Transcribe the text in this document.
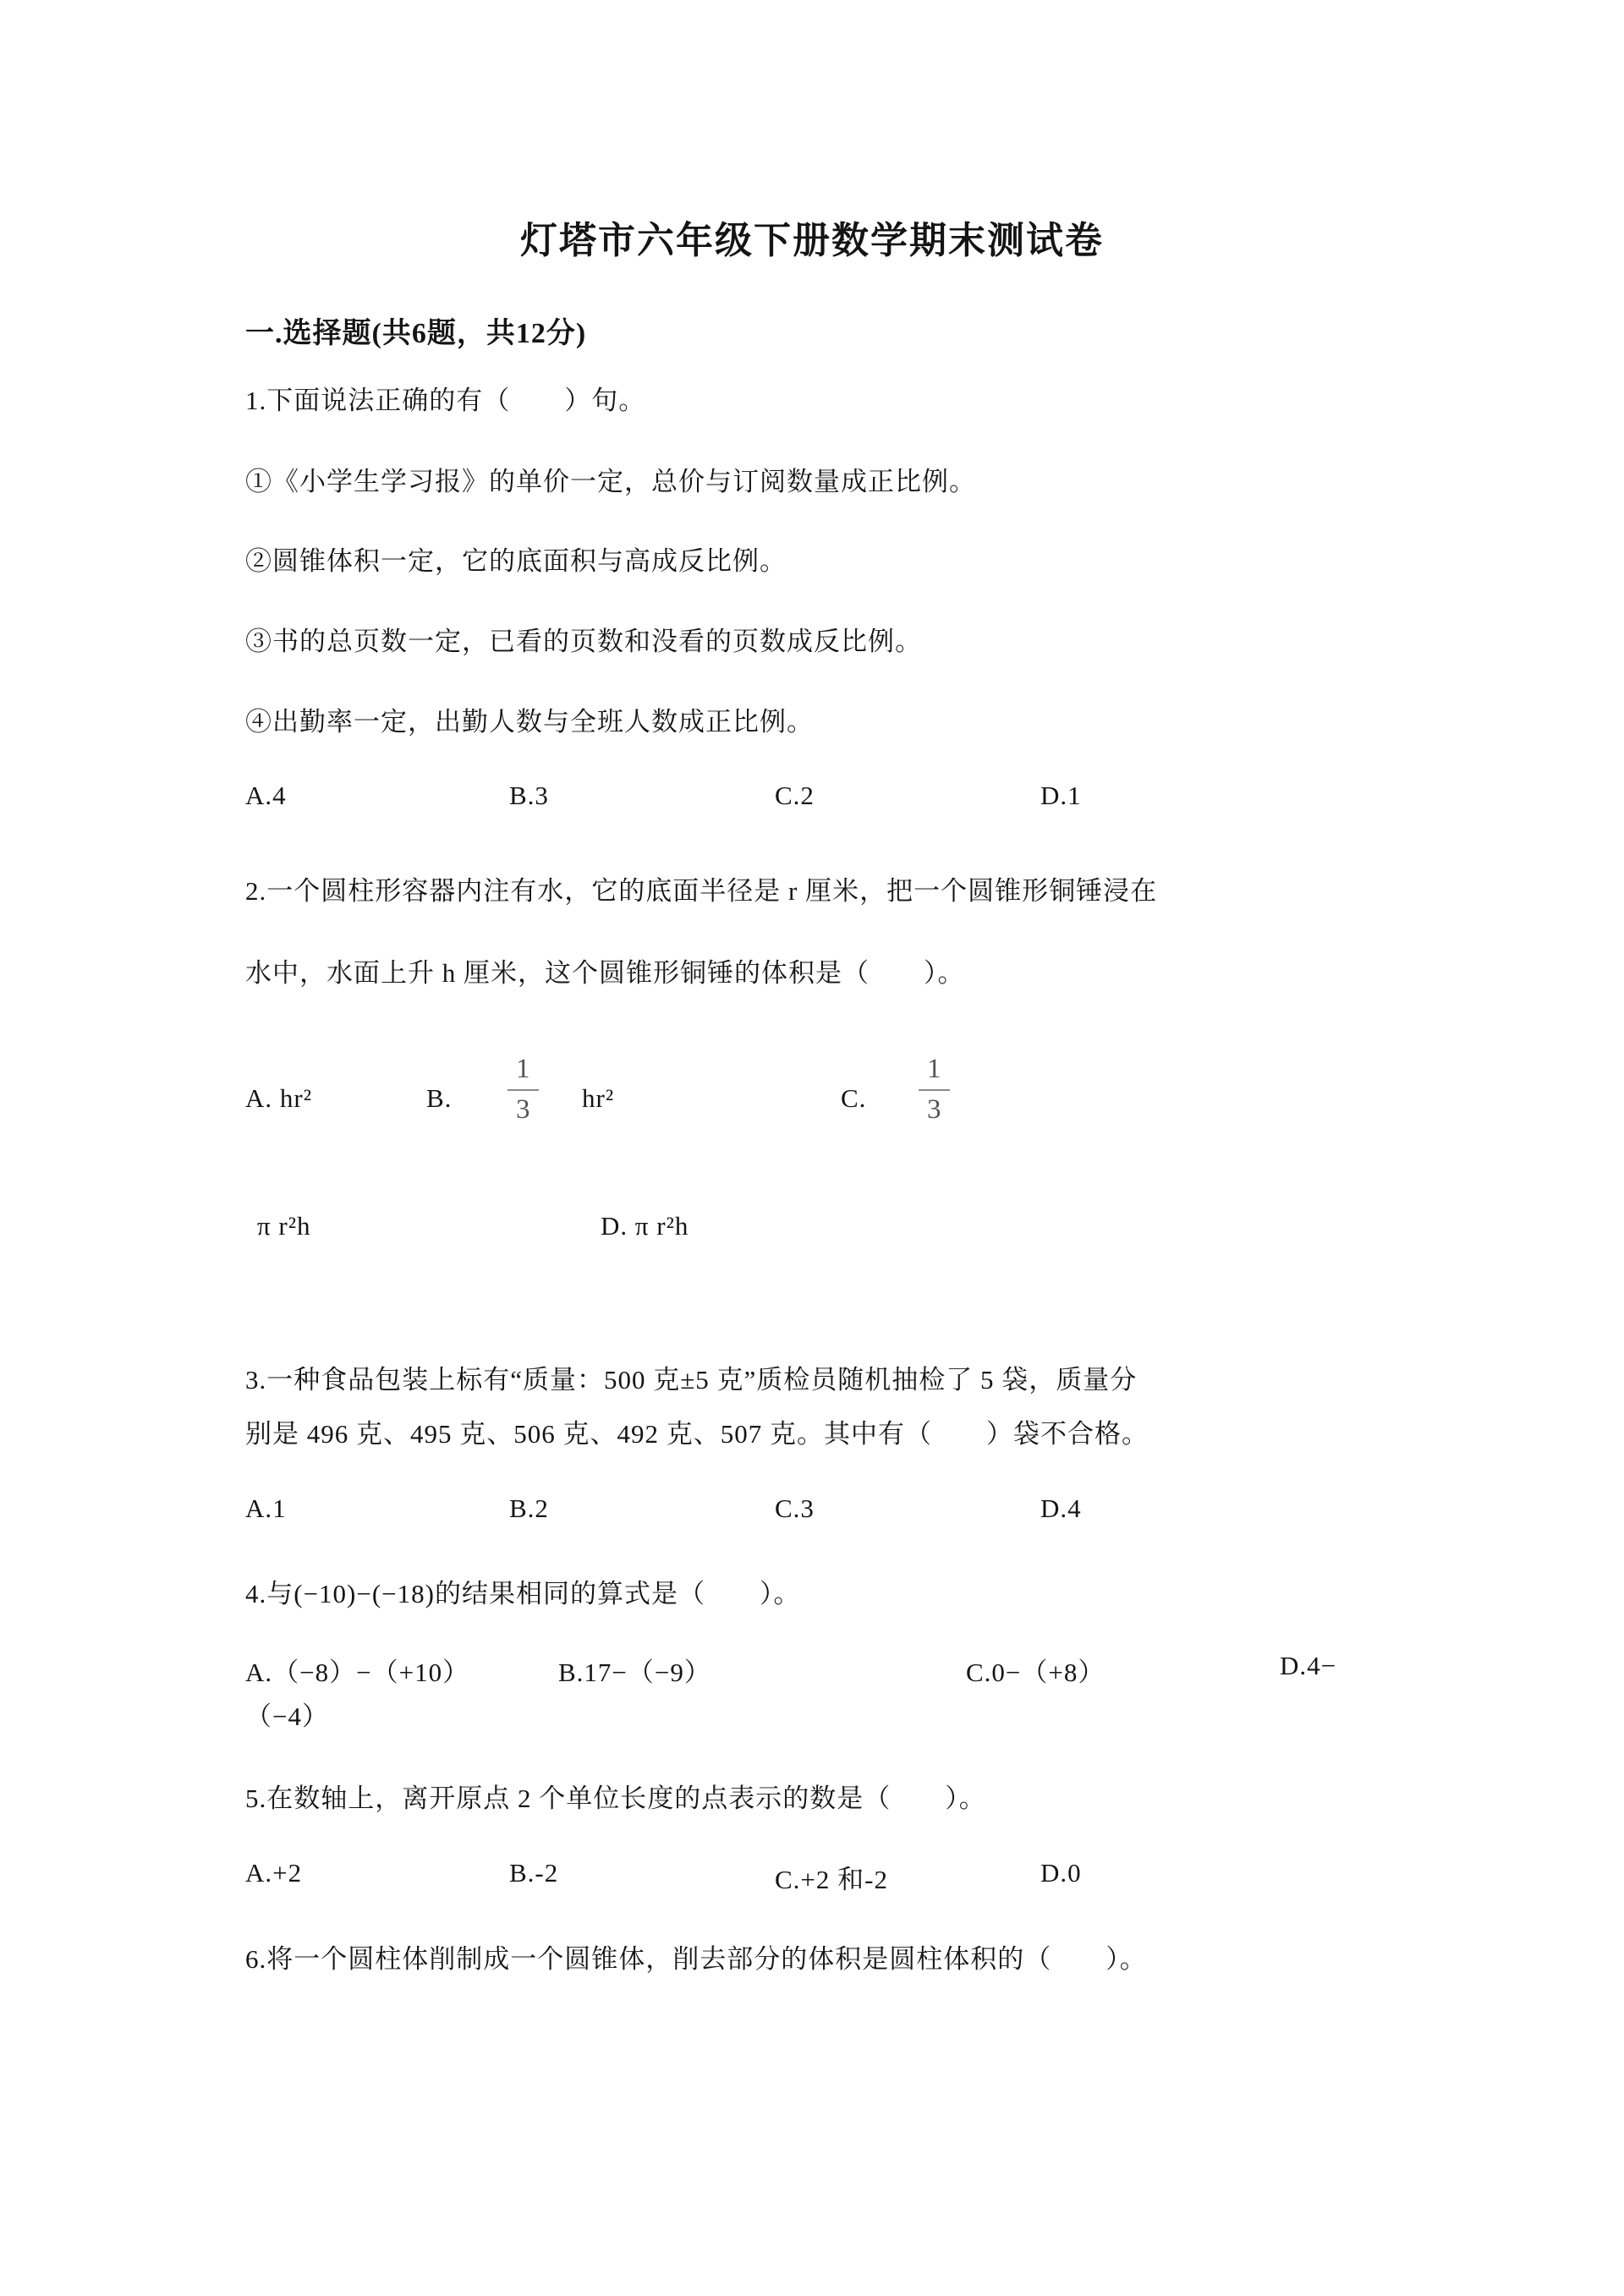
灯塔市六年级下册数学期末测试卷
一.选择题(共6题，共12分)
1.下面说法正确的有（　　）句。
①《小学生学习报》的单价一定，总价与订阅数量成正比例。
②圆锥体积一定，它的底面积与高成反比例。
③书的总页数一定，已看的页数和没看的页数成反比例。
④出勤率一定，出勤人数与全班人数成正比例。
A.4	B.3	C.2	D.1
2.一个圆柱形容器内注有水，它的底面半径是 r 厘米，把一个圆锥形铜锤浸在
水中，水面上升 h 厘米，这个圆锥形铜锤的体积是（　　）。
A. hr²	B. $\frac{1}{3} hr^2$	C. $\frac{1}{3}$
π r²h	D. π r²h
3.一种食品包装上标有“质量：500 克±5 克”质检员随机抽检了 5 袋，质量分
别是 496 克、495 克、506 克、492 克、507 克。其中有（　　）袋不合格。
A.1	B.2	C.3	D.4
4.与(−10)−(−18)的结果相同的算式是（　　）。
A.（−8）−（+10）	B.17−（−9）	C.0−（+8）	D.4−
（−4）
5.在数轴上，离开原点 2 个单位长度的点表示的数是（　　）。
A.+2	B.-2	C.+2 和-2	D.0
6.将一个圆柱体削制成一个圆锥体，削去部分的体积是圆柱体积的（　　）。
